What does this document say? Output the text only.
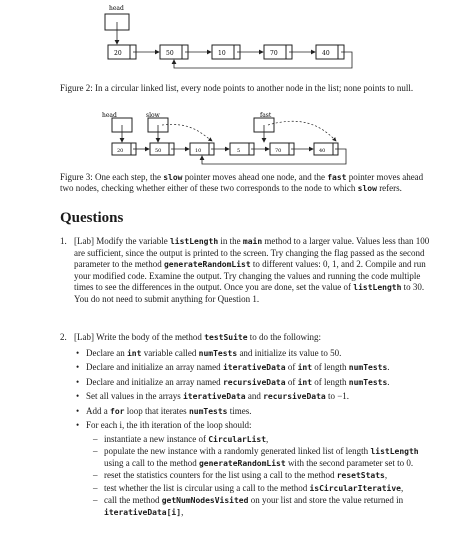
head
20	50	10	70	40

Figure 2: In a circular linked list, every node points to another node in the list; none points to null.

head	slow	fast
20	50	10	5	70	40

Figure 3: One each step, the slow pointer moves ahead one node, and the fast pointer moves ahead two nodes, checking whether either of these two corresponds to the node to which slow refers.

Questions
1. [Lab] Modify the variable listLength in the main method to a larger value. Values less than 100 are sufficient, since the output is printed to the screen. Try changing the flag passed as the second parameter to the method generateRandomList to different values: 0, 1, and 2. Compile and run your modified code. Examine the output. Try changing the values and running the code multiple times to see the differences in the output. Once you are done, set the value of listLength to 30. You do not need to submit anything for Question 1.
2. [Lab] Write the body of the method testSuite to do the following:
• Declare an int variable called numTests and initialize its value to 50.
• Declare and initialize an array named iterativeData of int of length numTests.
• Declare and initialize an array named recursiveData of int of length numTests.
• Set all values in the arrays iterativeData and recursiveData to −1.
• Add a for loop that iterates numTests times.
• For each i, the ith iteration of the loop should:
– instantiate a new instance of CircularList,
– populate the new instance with a randomly generated linked list of length listLength using a call to the method generateRandomList with the second parameter set to 0.
– reset the statistics counters for the list using a call to the method resetStats,
– test whether the list is circular using a call to the method isCircularIterative,
– call the method getNumNodesVisited on your list and store the value returned in iterativeData[i],
